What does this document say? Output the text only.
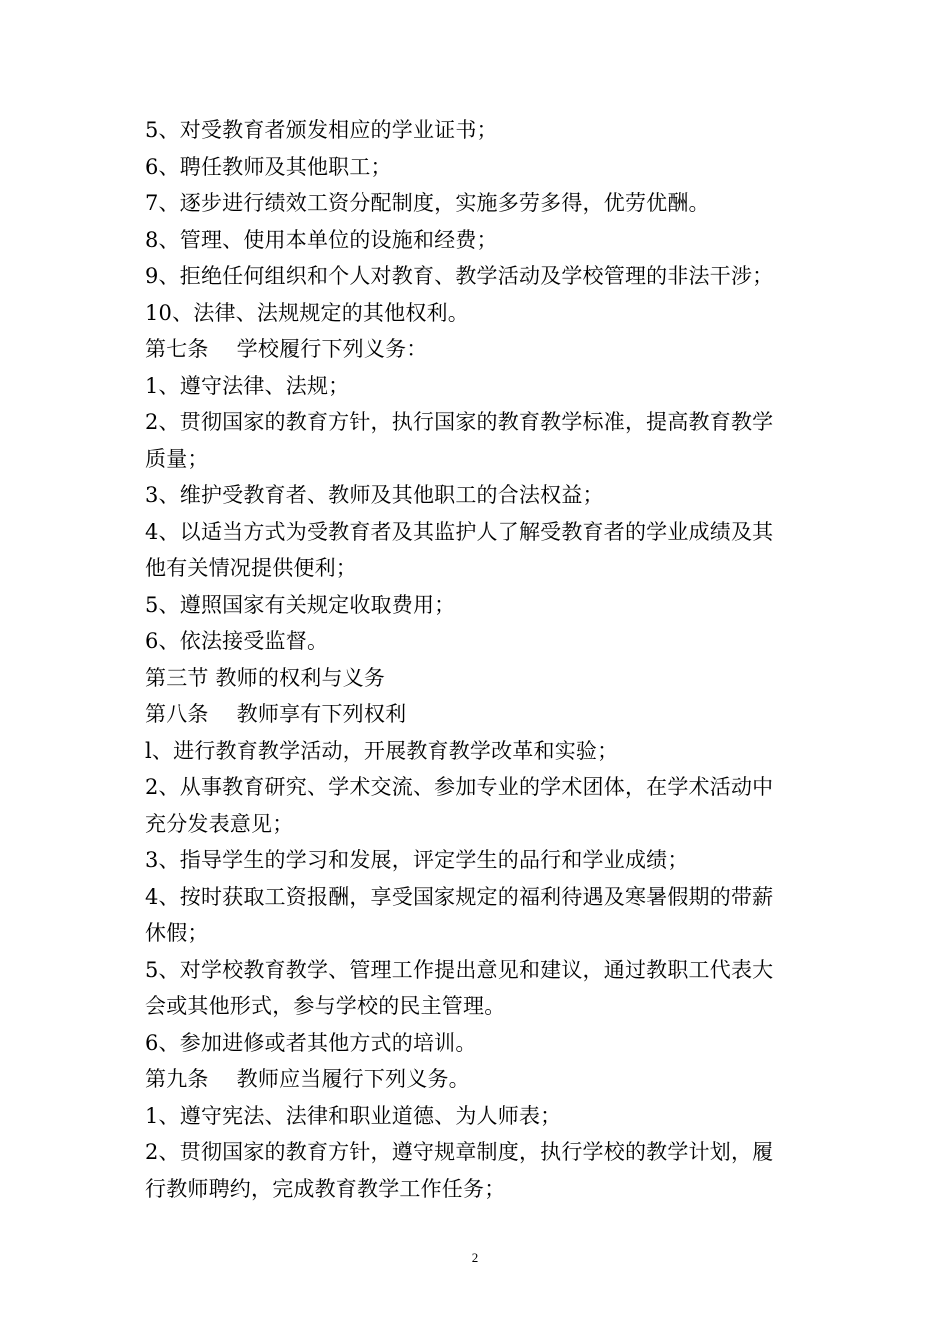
5、对受教育者颁发相应的学业证书；
6、聘任教师及其他职工；
7、逐步进行绩效工资分配制度，实施多劳多得，优劳优酬。
8、管理、使用本单位的设施和经费；
9、拒绝任何组织和个人对教育、教学活动及学校管理的非法干涉；
10、法律、法规规定的其他权利。
第七条　 学校履行下列义务：
1、遵守法律、法规；
2、贯彻国家的教育方针，执行国家的教育教学标准，提高教育教学
质量；
3、维护受教育者、教师及其他职工的合法权益；
4、以适当方式为受教育者及其监护人了解受教育者的学业成绩及其
他有关情况提供便利；
5、遵照国家有关规定收取费用；
6、依法接受监督。
第三节 教师的权利与义务
第八条　 教师享有下列权利
l、进行教育教学活动，开展教育教学改革和实验；
2、从事教育研究、学术交流、参加专业的学术团体，在学术活动中
充分发表意见；
3、指导学生的学习和发展，评定学生的品行和学业成绩；
4、按时获取工资报酬，享受国家规定的福利待遇及寒暑假期的带薪
休假；
5、对学校教育教学、管理工作提出意见和建议，通过教职工代表大
会或其他形式，参与学校的民主管理。
6、参加进修或者其他方式的培训。
第九条　 教师应当履行下列义务。
1、遵守宪法、法律和职业道德、为人师表；
2、贯彻国家的教育方针，遵守规章制度，执行学校的教学计划，履
行教师聘约，完成教育教学工作任务；
2
